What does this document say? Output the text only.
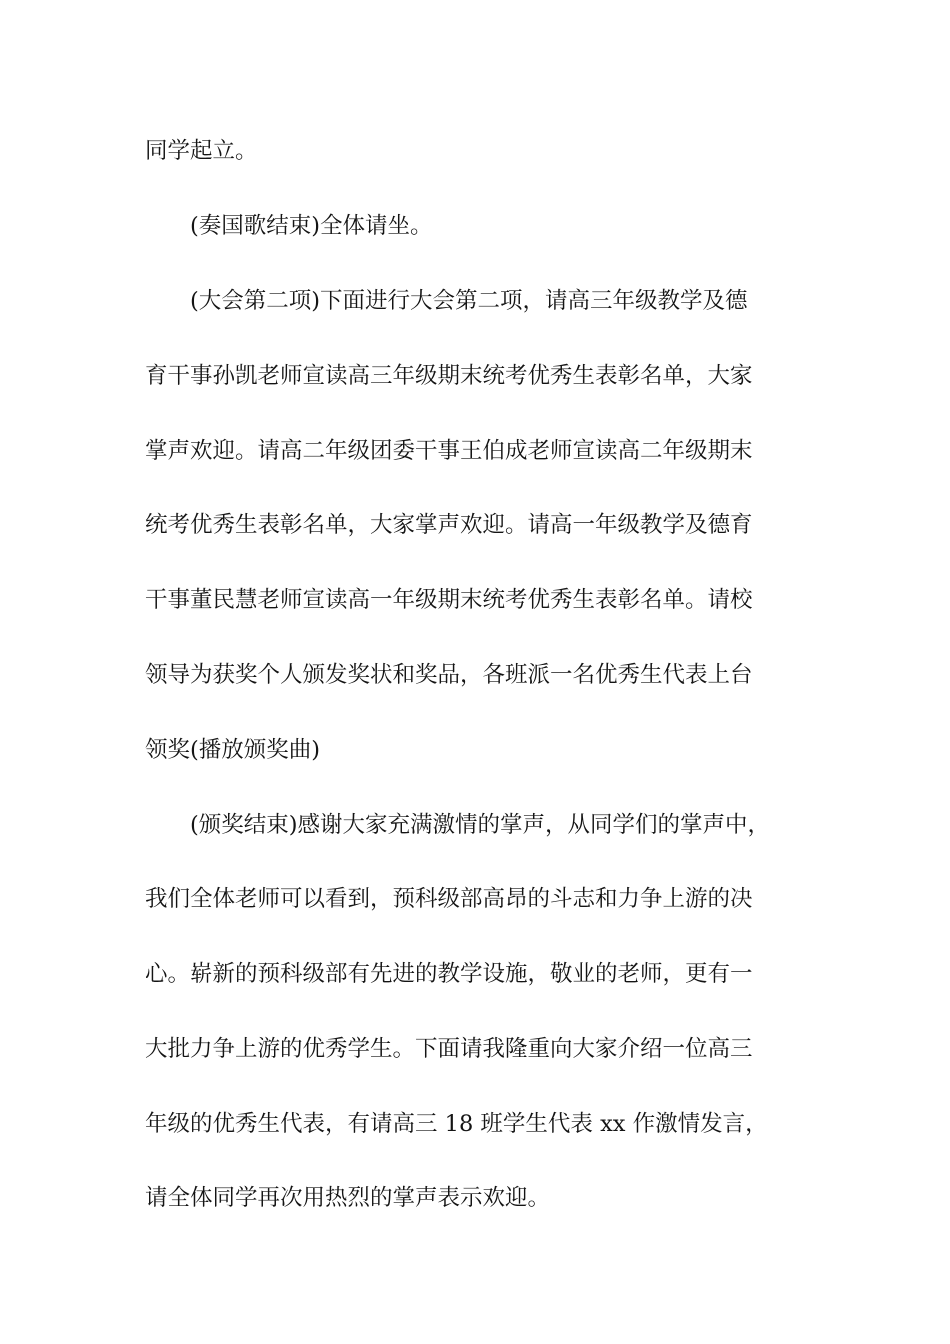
同学起立。
(奏国歌结束)全体请坐。
(大会第二项)下面进行大会第二项，请高三年级教学及德
育干事孙凯老师宣读高三年级期末统考优秀生表彰名单，大家
掌声欢迎。请高二年级团委干事王伯成老师宣读高二年级期末
统考优秀生表彰名单，大家掌声欢迎。请高一年级教学及德育
干事董民慧老师宣读高一年级期末统考优秀生表彰名单。请校
领导为获奖个人颁发奖状和奖品，各班派一名优秀生代表上台
领奖(播放颁奖曲)
(颁奖结束)感谢大家充满激情的掌声，从同学们的掌声中，
我们全体老师可以看到，预科级部高昂的斗志和力争上游的决
心。崭新的预科级部有先进的教学设施，敬业的老师，更有一
大批力争上游的优秀学生。下面请我隆重向大家介绍一位高三
年级的优秀生代表，有请高三 18 班学生代表 xx 作激情发言，
请全体同学再次用热烈的掌声表示欢迎。
